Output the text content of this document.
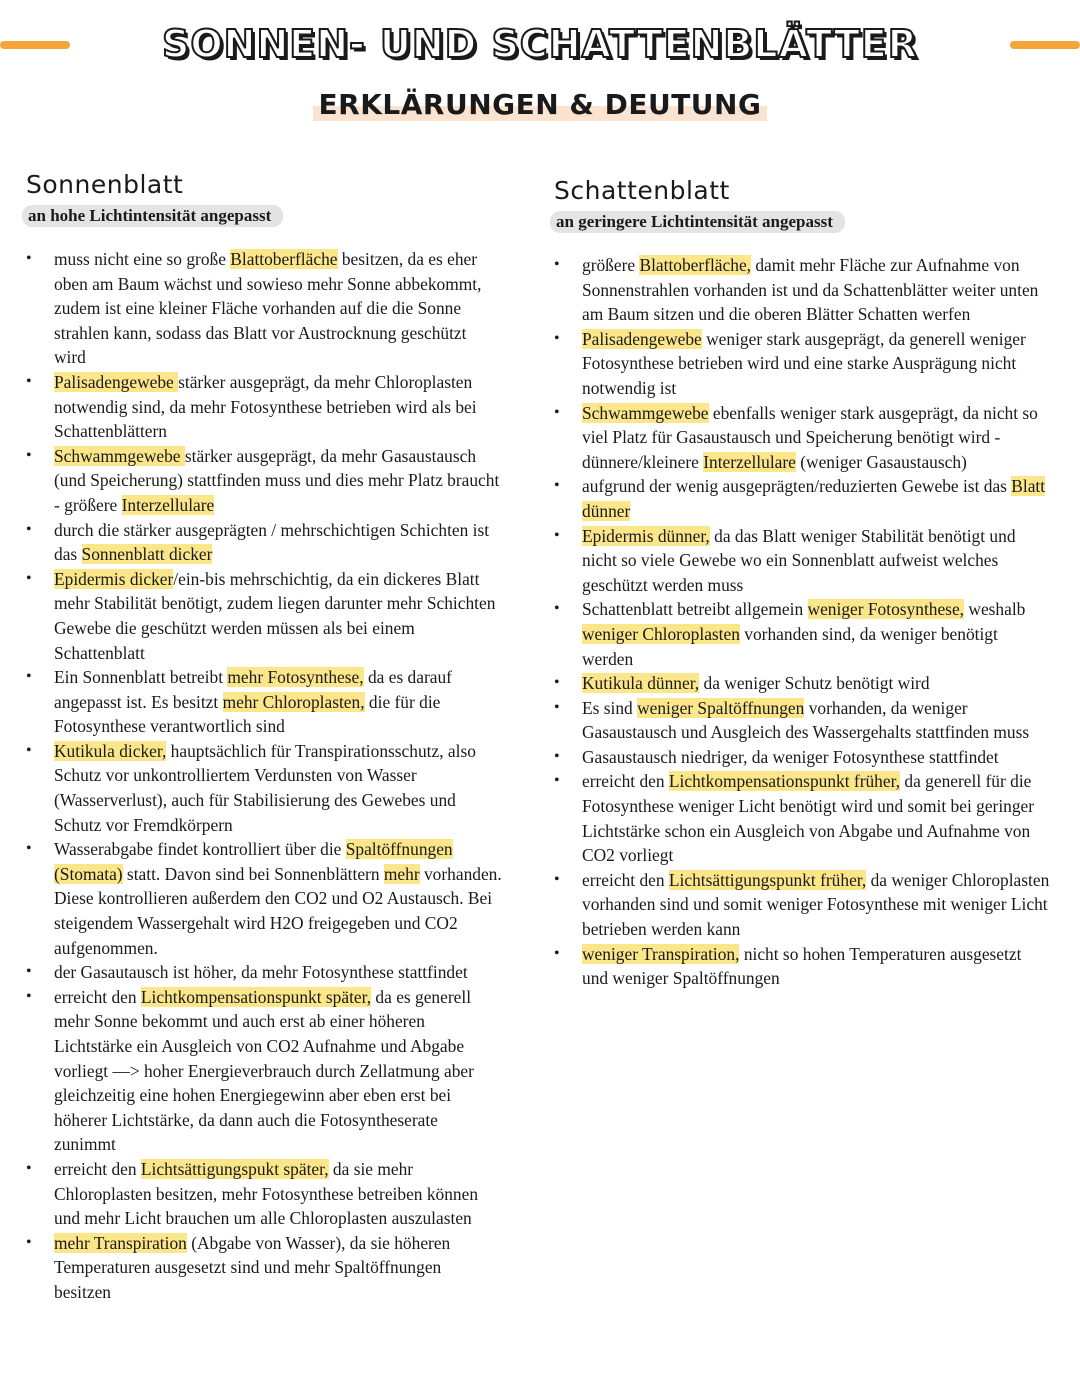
SONNEN- UND SCHATTENBLÄTTER
ERKLÄRUNGEN & DEUTUNG
Sonnenblatt
an hohe Lichtintensität angepasst
• muss nicht eine so große Blattoberfläche besitzen, da es eher oben am Baum wächst und sowieso mehr Sonne abbekommt, zudem ist eine kleiner Fläche vorhanden auf die die Sonne strahlen kann, sodass das Blatt vor Austrocknung geschützt wird
• Palisadengewebe stärker ausgeprägt, da mehr Chloroplasten notwendig sind, da mehr Fotosynthese betrieben wird als bei Schattenblättern
• Schwammgewebe stärker ausgeprägt, da mehr Gasaustausch (und Speicherung) stattfinden muss und dies mehr Platz braucht - größere Interzellulare
• durch die stärker ausgeprägten / mehrschichtigen Schichten ist das Sonnenblatt dicker
• Epidermis dicker/ein-bis mehrschichtig, da ein dickeres Blatt mehr Stabilität benötigt, zudem liegen darunter mehr Schichten Gewebe die geschützt werden müssen als bei einem Schattenblatt
• Ein Sonnenblatt betreibt mehr Fotosynthese, da es darauf angepasst ist. Es besitzt mehr Chloroplasten, die für die Fotosynthese verantwortlich sind
• Kutikula dicker, hauptsächlich für Transpirationsschutz, also Schutz vor unkontrolliertem Verdunsten von Wasser (Wasserverlust), auch für Stabilisierung des Gewebes und Schutz vor Fremdkörpern
• Wasserabgabe findet kontrolliert über die Spaltöffnungen (Stomata) statt. Davon sind bei Sonnenblättern mehr vorhanden. Diese kontrollieren außerdem den CO2 und O2 Austausch. Bei steigendem Wassergehalt wird H2O freigegeben und CO2 aufgenommen.
• der Gasautausch ist höher, da mehr Fotosynthese stattfindet
• erreicht den Lichtkompensationspunkt später, da es generell mehr Sonne bekommt und auch erst ab einer höheren Lichtstärke ein Ausgleich von CO2 Aufnahme und Abgabe vorliegt —> hoher Energieverbrauch durch Zellatmung aber gleichzeitig eine hohen Energiegewinn aber eben erst bei höherer Lichtstärke, da dann auch die Fotosyntheserate zunimmt
• erreicht den Lichtsättigungspukt später, da sie mehr Chloroplasten besitzen, mehr Fotosynthese betreiben können und mehr Licht brauchen um alle Chloroplasten auszulasten
• mehr Transpiration (Abgabe von Wasser), da sie höheren Temperaturen ausgesetzt sind und mehr Spaltöffnungen besitzen
Schattenblatt
an geringere Lichtintensität angepasst
• größere Blattoberfläche, damit mehr Fläche zur Aufnahme von Sonnenstrahlen vorhanden ist und da Schattenblätter weiter unten am Baum sitzen und die oberen Blätter Schatten werfen
• Palisadengewebe weniger stark ausgeprägt, da generell weniger Fotosynthese betrieben wird und eine starke Ausprägung nicht notwendig ist
• Schwammgewebe ebenfalls weniger stark ausgeprägt, da nicht so viel Platz für Gasaustausch und Speicherung benötigt wird - dünnere/kleinere Interzellulare (weniger Gasaustausch)
• aufgrund der wenig ausgeprägten/reduzierten Gewebe ist das Blatt dünner
• Epidermis dünner, da das Blatt weniger Stabilität benötigt und nicht so viele Gewebe wo ein Sonnenblatt aufweist welches geschützt werden muss
• Schattenblatt betreibt allgemein weniger Fotosynthese, weshalb weniger Chloroplasten vorhanden sind, da weniger benötigt werden
• Kutikula dünner, da weniger Schutz benötigt wird
• Es sind weniger Spaltöffnungen vorhanden, da weniger Gasaustausch und Ausgleich des Wassergehalts stattfinden muss
• Gasaustausch niedriger, da weniger Fotosynthese stattfindet
• erreicht den Lichtkompensationspunkt früher, da generell für die Fotosynthese weniger Licht benötigt wird und somit bei geringer Lichtstärke schon ein Ausgleich von Abgabe und Aufnahme von CO2 vorliegt
• erreicht den Lichtsättigungspunkt früher, da weniger Chloroplasten vorhanden sind und somit weniger Fotosynthese mit weniger Licht betrieben werden kann
• weniger Transpiration, nicht so hohen Temperaturen ausgesetzt und weniger Spaltöffnungen
